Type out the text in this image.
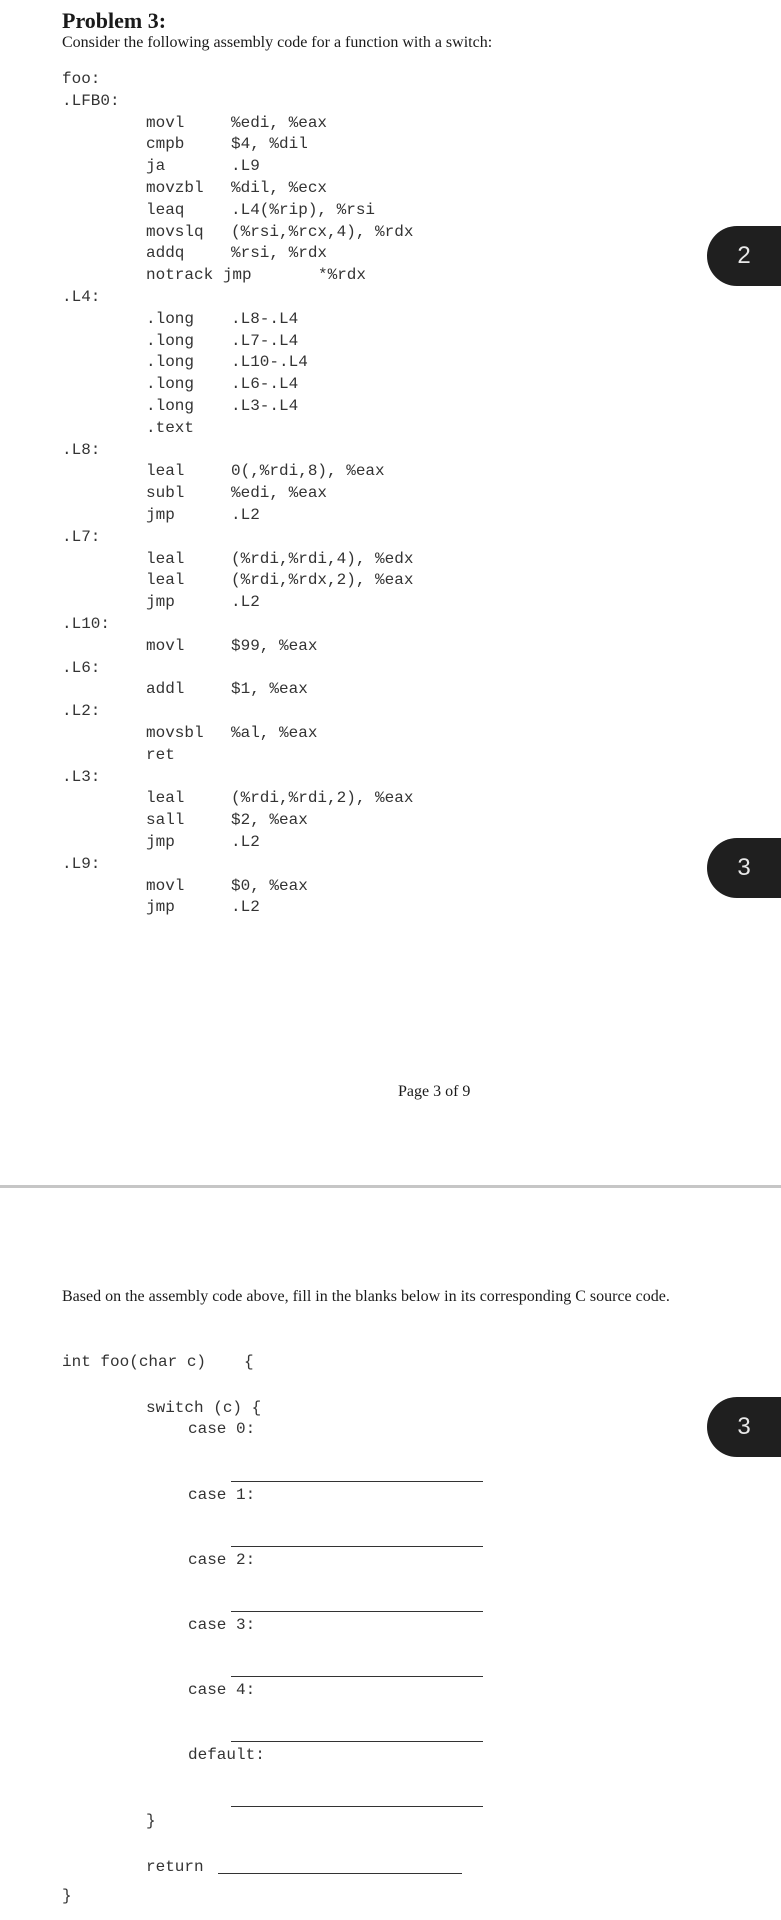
Problem 3:
Consider the following assembly code for a function with a switch:
foo:
.LFB0:
movl	%edi, %eax
cmpb	$4, %dil
ja	.L9
movzbl %dil, %ecx
leaq	.L4(%rip), %rsi
movslq (%rsi,%rcx,4), %rdx
addq	%rsi, %rdx
notrack jmp	*%rdx
.L4:
.long .L8-.L4
.long .L7-.L4
.long .L10-.L4
.long .L6-.L4
.long .L3-.L4
.text
.L8:
leal	0(,%rdi,8), %eax
subl	%edi, %eax
jmp	.L2
.L7:
leal	(%rdi,%rdi,4), %edx
leal	(%rdi,%rdx,2), %eax
jmp	.L2
.L10:
movl	$99, %eax
.L6:
addl	$1, %eax
.L2:
movsbl %al, %eax
ret
.L3:
leal	(%rdi,%rdi,2), %eax
sall	$2, %eax
jmp	.L2
.L9:
movl	$0, %eax
jmp	.L2
Page 3 of 9
Based on the assembly code above, fill in the blanks below in its corresponding C source code.
int foo(char c) {
switch (c) {
case 0:
case 1:
case 2:
case 3:
case 4:
default:
}
return
}
2
3
3
